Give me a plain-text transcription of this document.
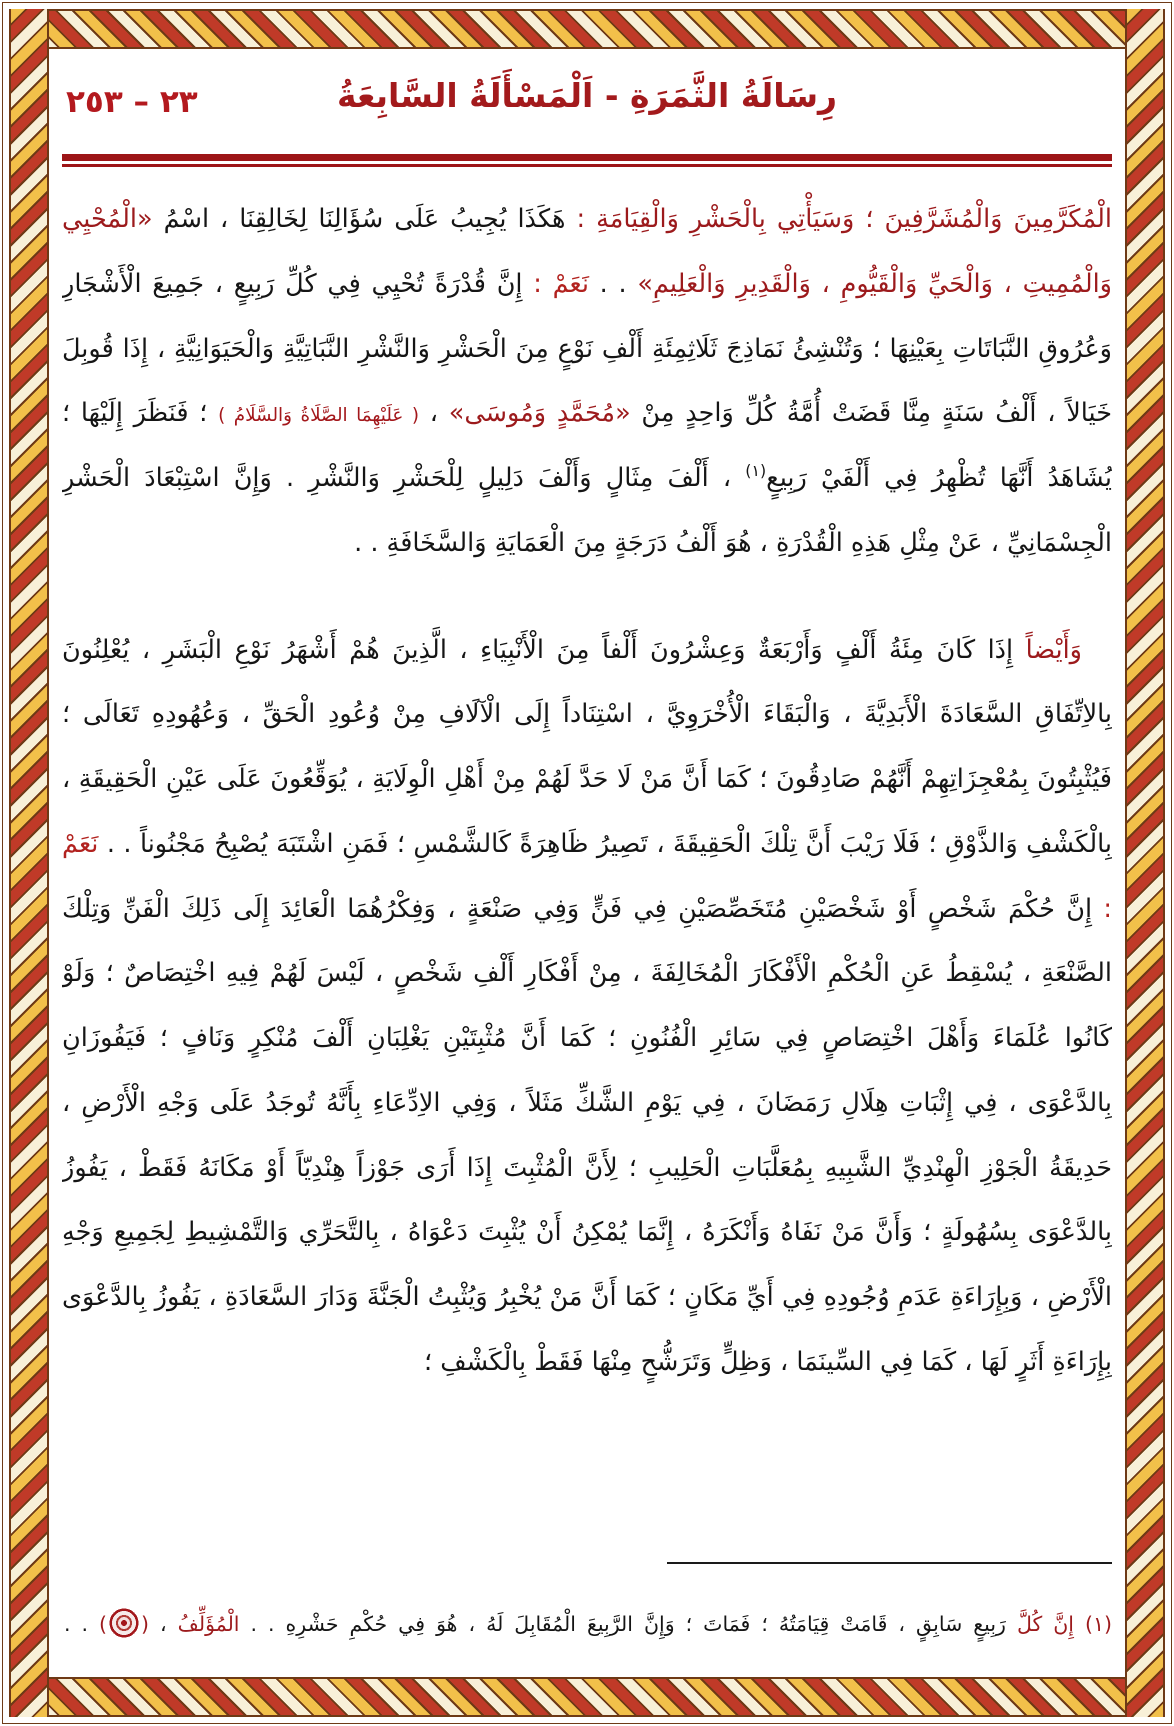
٢٣ – ٢٥٣	رِسَالَةُ الثَّمَرَةِ - اَلْمَسْأَلَةُ السَّابِعَةُ

الْمُكَرَّمِينَ وَالْمُشَرَّفِينَ ؛ وَسَيَأْتِي بِالْحَشْرِ وَالْقِيَامَةِ : هَكَذَا يُجِيبُ عَلَى سُؤَالِنَا لِخَالِقِنَا ، اسْمُ «الْمُحْيِي وَالْمُمِيتِ ، وَالْحَيِّ وَالْقَيُّومِ ، وَالْقَدِيرِ وَالْعَلِيمِ» . . نَعَمْ : إِنَّ قُدْرَةً تُحْيِي فِي كُلِّ رَبِيعٍ ، جَمِيعَ الْأَشْجَارِ وَعُرُوقِ النَّبَاتَاتِ بِعَيْنِهَا ؛ وَتُنْشِئُ نَمَاذِجَ ثَلَاثِمِئَةِ أَلْفِ نَوْعٍ مِنَ الْحَشْرِ وَالنَّشْرِ النَّبَاتِيَّةِ وَالْحَيَوَانِيَّةِ ، إِذَا قُوبِلَ خَيَالاً ، أَلْفُ سَنَةٍ مِنَّا قَضَتْ أُمَّةُ كُلِّ وَاحِدٍ مِنْ «مُحَمَّدٍ وَمُوسَى» ، ( عَلَيْهِمَا الصَّلَاةُ وَالسَّلَامُ ) ؛ فَنَظَرَ إِلَيْهَا ؛ يُشَاهَدُ أَنَّهَا تُظْهِرُ فِي أَلْفَيْ رَبِيعٍ$^{(١)}$ ، أَلْفَ مِثَالٍ وَأَلْفَ دَلِيلٍ لِلْحَشْرِ وَالنَّشْرِ . وَإِنَّ اسْتِبْعَادَ الْحَشْرِ الْجِسْمَانِيِّ ، عَنْ مِثْلِ هَذِهِ الْقُدْرَةِ ، هُوَ أَلْفُ دَرَجَةٍ مِنَ الْعَمَايَةِ وَالسَّخَافَةِ . .

وَأَيْضاً إِذَا كَانَ مِئَةُ أَلْفٍ وَأَرْبَعَةٌ وَعِشْرُونَ أَلْفاً مِنَ الْأَنْبِيَاءِ ، الَّذِينَ هُمْ أَشْهَرُ نَوْعِ الْبَشَرِ ، يُعْلِنُونَ بِالاِتِّفَاقِ السَّعَادَةَ الْأَبَدِيَّةَ ، وَالْبَقَاءَ الْأُخْرَوِيَّ ، اسْتِنَاداً إِلَى الْآلَافِ مِنْ وُعُودِ الْحَقِّ ، وَعُهُودِهِ تَعَالَى ؛ فَيُثْبِتُونَ بِمُعْجِزَاتِهِمْ أَنَّهُمْ صَادِقُونَ ؛ كَمَا أَنَّ مَنْ لَا حَدَّ لَهُمْ مِنْ أَهْلِ الْوِلَايَةِ ، يُوَقِّعُونَ عَلَى عَيْنِ الْحَقِيقَةِ ، بِالْكَشْفِ وَالذَّوْقِ ؛ فَلَا رَيْبَ أَنَّ تِلْكَ الْحَقِيقَةَ ، تَصِيرُ ظَاهِرَةً كَالشَّمْسِ ؛ فَمَنِ اشْتَبَهَ يُصْبِحُ مَجْنُوناً . . نَعَمْ : إِنَّ حُكْمَ شَخْصٍ أَوْ شَخْصَيْنِ مُتَخَصِّصَيْنِ فِي فَنٍّ وَفِي صَنْعَةٍ ، وَفِكْرُهُمَا الْعَائِدَ إِلَى ذَلِكَ الْفَنِّ وَتِلْكَ الصَّنْعَةِ ، يُسْقِطُ عَنِ الْحُكْمِ الْأَفْكَارَ الْمُخَالِفَةَ ، مِنْ أَفْكَارِ أَلْفِ شَخْصٍ ، لَيْسَ لَهُمْ فِيهِ اخْتِصَاصٌ ؛ وَلَوْ كَانُوا عُلَمَاءَ وَأَهْلَ اخْتِصَاصٍ فِي سَائِرِ الْفُنُونِ ؛ كَمَا أَنَّ مُثْبِتَيْنِ يَغْلِبَانِ أَلْفَ مُنْكِرٍ وَنَافٍ ؛ فَيَفُوزَانِ بِالدَّعْوَى ، فِي إِثْبَاتِ هِلَالِ رَمَضَانَ ، فِي يَوْمِ الشَّكِّ مَثَلاً ، وَفِي الاِدِّعَاءِ بِأَنَّهُ تُوجَدُ عَلَى وَجْهِ الْأَرْضِ ، حَدِيقَةُ الْجَوْزِ الْهِنْدِيِّ الشَّبِيهِ بِمُعَلَّبَاتِ الْحَلِيبِ ؛ لِأَنَّ الْمُثْبِتَ إِذَا أَرَى جَوْزاً هِنْدِيّاً أَوْ مَكَانَهُ فَقَطْ ، يَفُوزُ بِالدَّعْوَى بِسُهُولَةٍ ؛ وَأَنَّ مَنْ نَفَاهُ وَأَنْكَرَهُ ، إِنَّمَا يُمْكِنُ أَنْ يُثْبِتَ دَعْوَاهُ ، بِالتَّحَرِّي وَالتَّمْشِيطِ لِجَمِيعِ وَجْهِ الْأَرْضِ ، وَبِإِرَاءَةِ عَدَمِ وُجُودِهِ فِي أَيِّ مَكَانٍ ؛ كَمَا أَنَّ مَنْ يُخْبِرُ وَيُثْبِتُ الْجَنَّةَ وَدَارَ السَّعَادَةِ ، يَفُوزُ بِالدَّعْوَى بِإِرَاءَةِ أَثَرٍ لَهَا ، كَمَا فِي السِّينَمَا ، وَظِلٍّ وَتَرَشُّحٍ مِنْهَا فَقَطْ بِالْكَشْفِ ؛

(١) إِنَّ كُلَّ رَبِيعٍ سَابِقٍ ، قَامَتْ قِيَامَتُهُ ؛ فَمَاتَ ؛ وَإِنَّ الرَّبِيعَ الْمُقَابِلَ لَهُ ، هُوَ فِي حُكْمِ حَشْرِهِ . . الْمُؤَلِّفُ ، () . .
